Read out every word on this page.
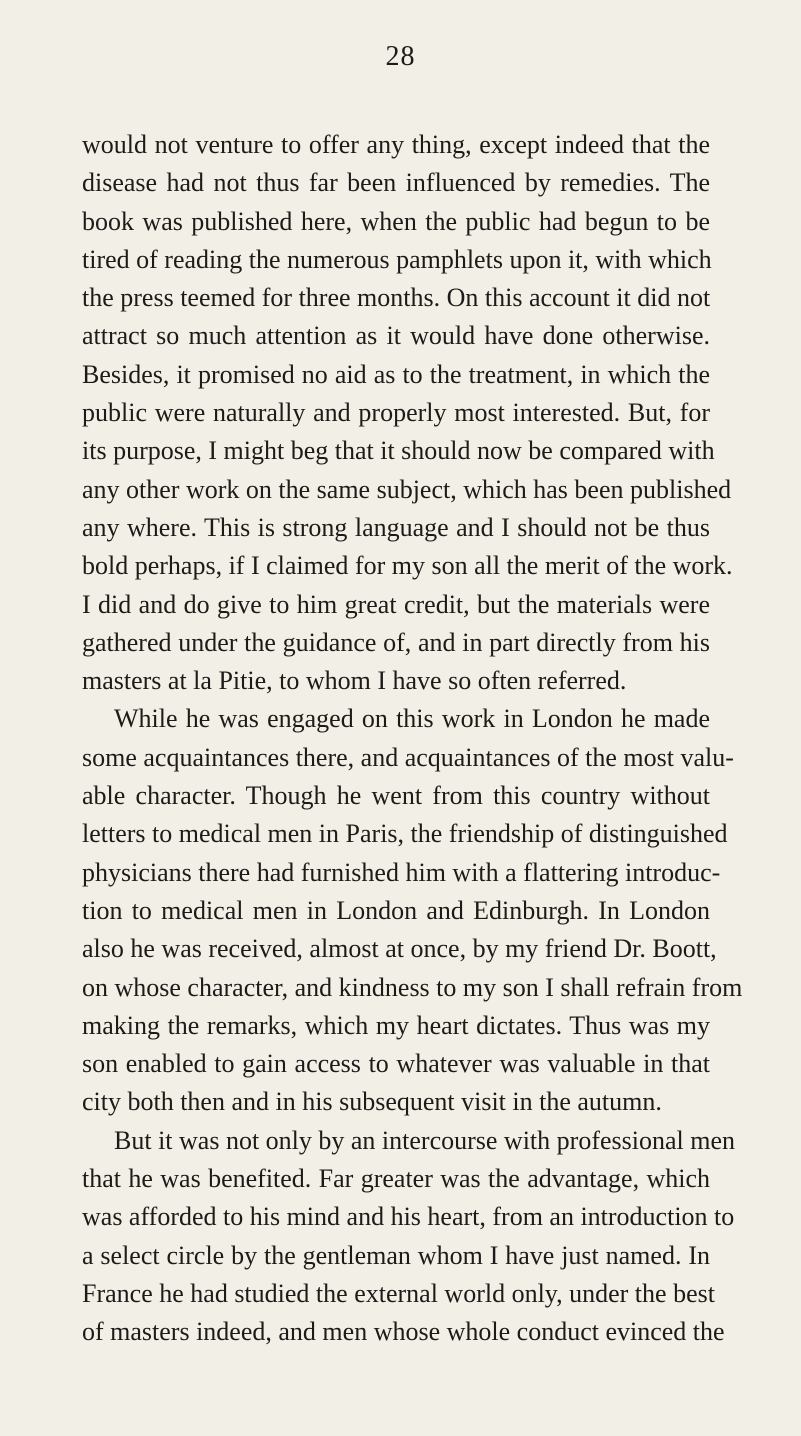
28
would not venture to offer any thing, except indeed that the
disease had not thus far been influenced by remedies. The
book was published here, when the public had begun to be
tired of reading the numerous pamphlets upon it, with which
the press teemed for three months. On this account it did not
attract so much attention as it would have done otherwise.
Besides, it promised no aid as to the treatment, in which the
public were naturally and properly most interested. But, for
its purpose, I might beg that it should now be compared with
any other work on the same subject, which has been published
any where. This is strong language and I should not be thus
bold perhaps, if I claimed for my son all the merit of the work.
I did and do give to him great credit, but the materials were
gathered under the guidance of, and in part directly from his
masters at la Pitie, to whom I have so often referred.
While he was engaged on this work in London he made
some acquaintances there, and acquaintances of the most valu-
able character. Though he went from this country without
letters to medical men in Paris, the friendship of distinguished
physicians there had furnished him with a flattering introduc-
tion to medical men in London and Edinburgh. In London
also he was received, almost at once, by my friend Dr. Boott,
on whose character, and kindness to my son I shall refrain from
making the remarks, which my heart dictates. Thus was my
son enabled to gain access to whatever was valuable in that
city both then and in his subsequent visit in the autumn.
But it was not only by an intercourse with professional men
that he was benefited. Far greater was the advantage, which
was afforded to his mind and his heart, from an introduction to
a select circle by the gentleman whom I have just named. In
France he had studied the external world only, under the best
of masters indeed, and men whose whole conduct evinced the
